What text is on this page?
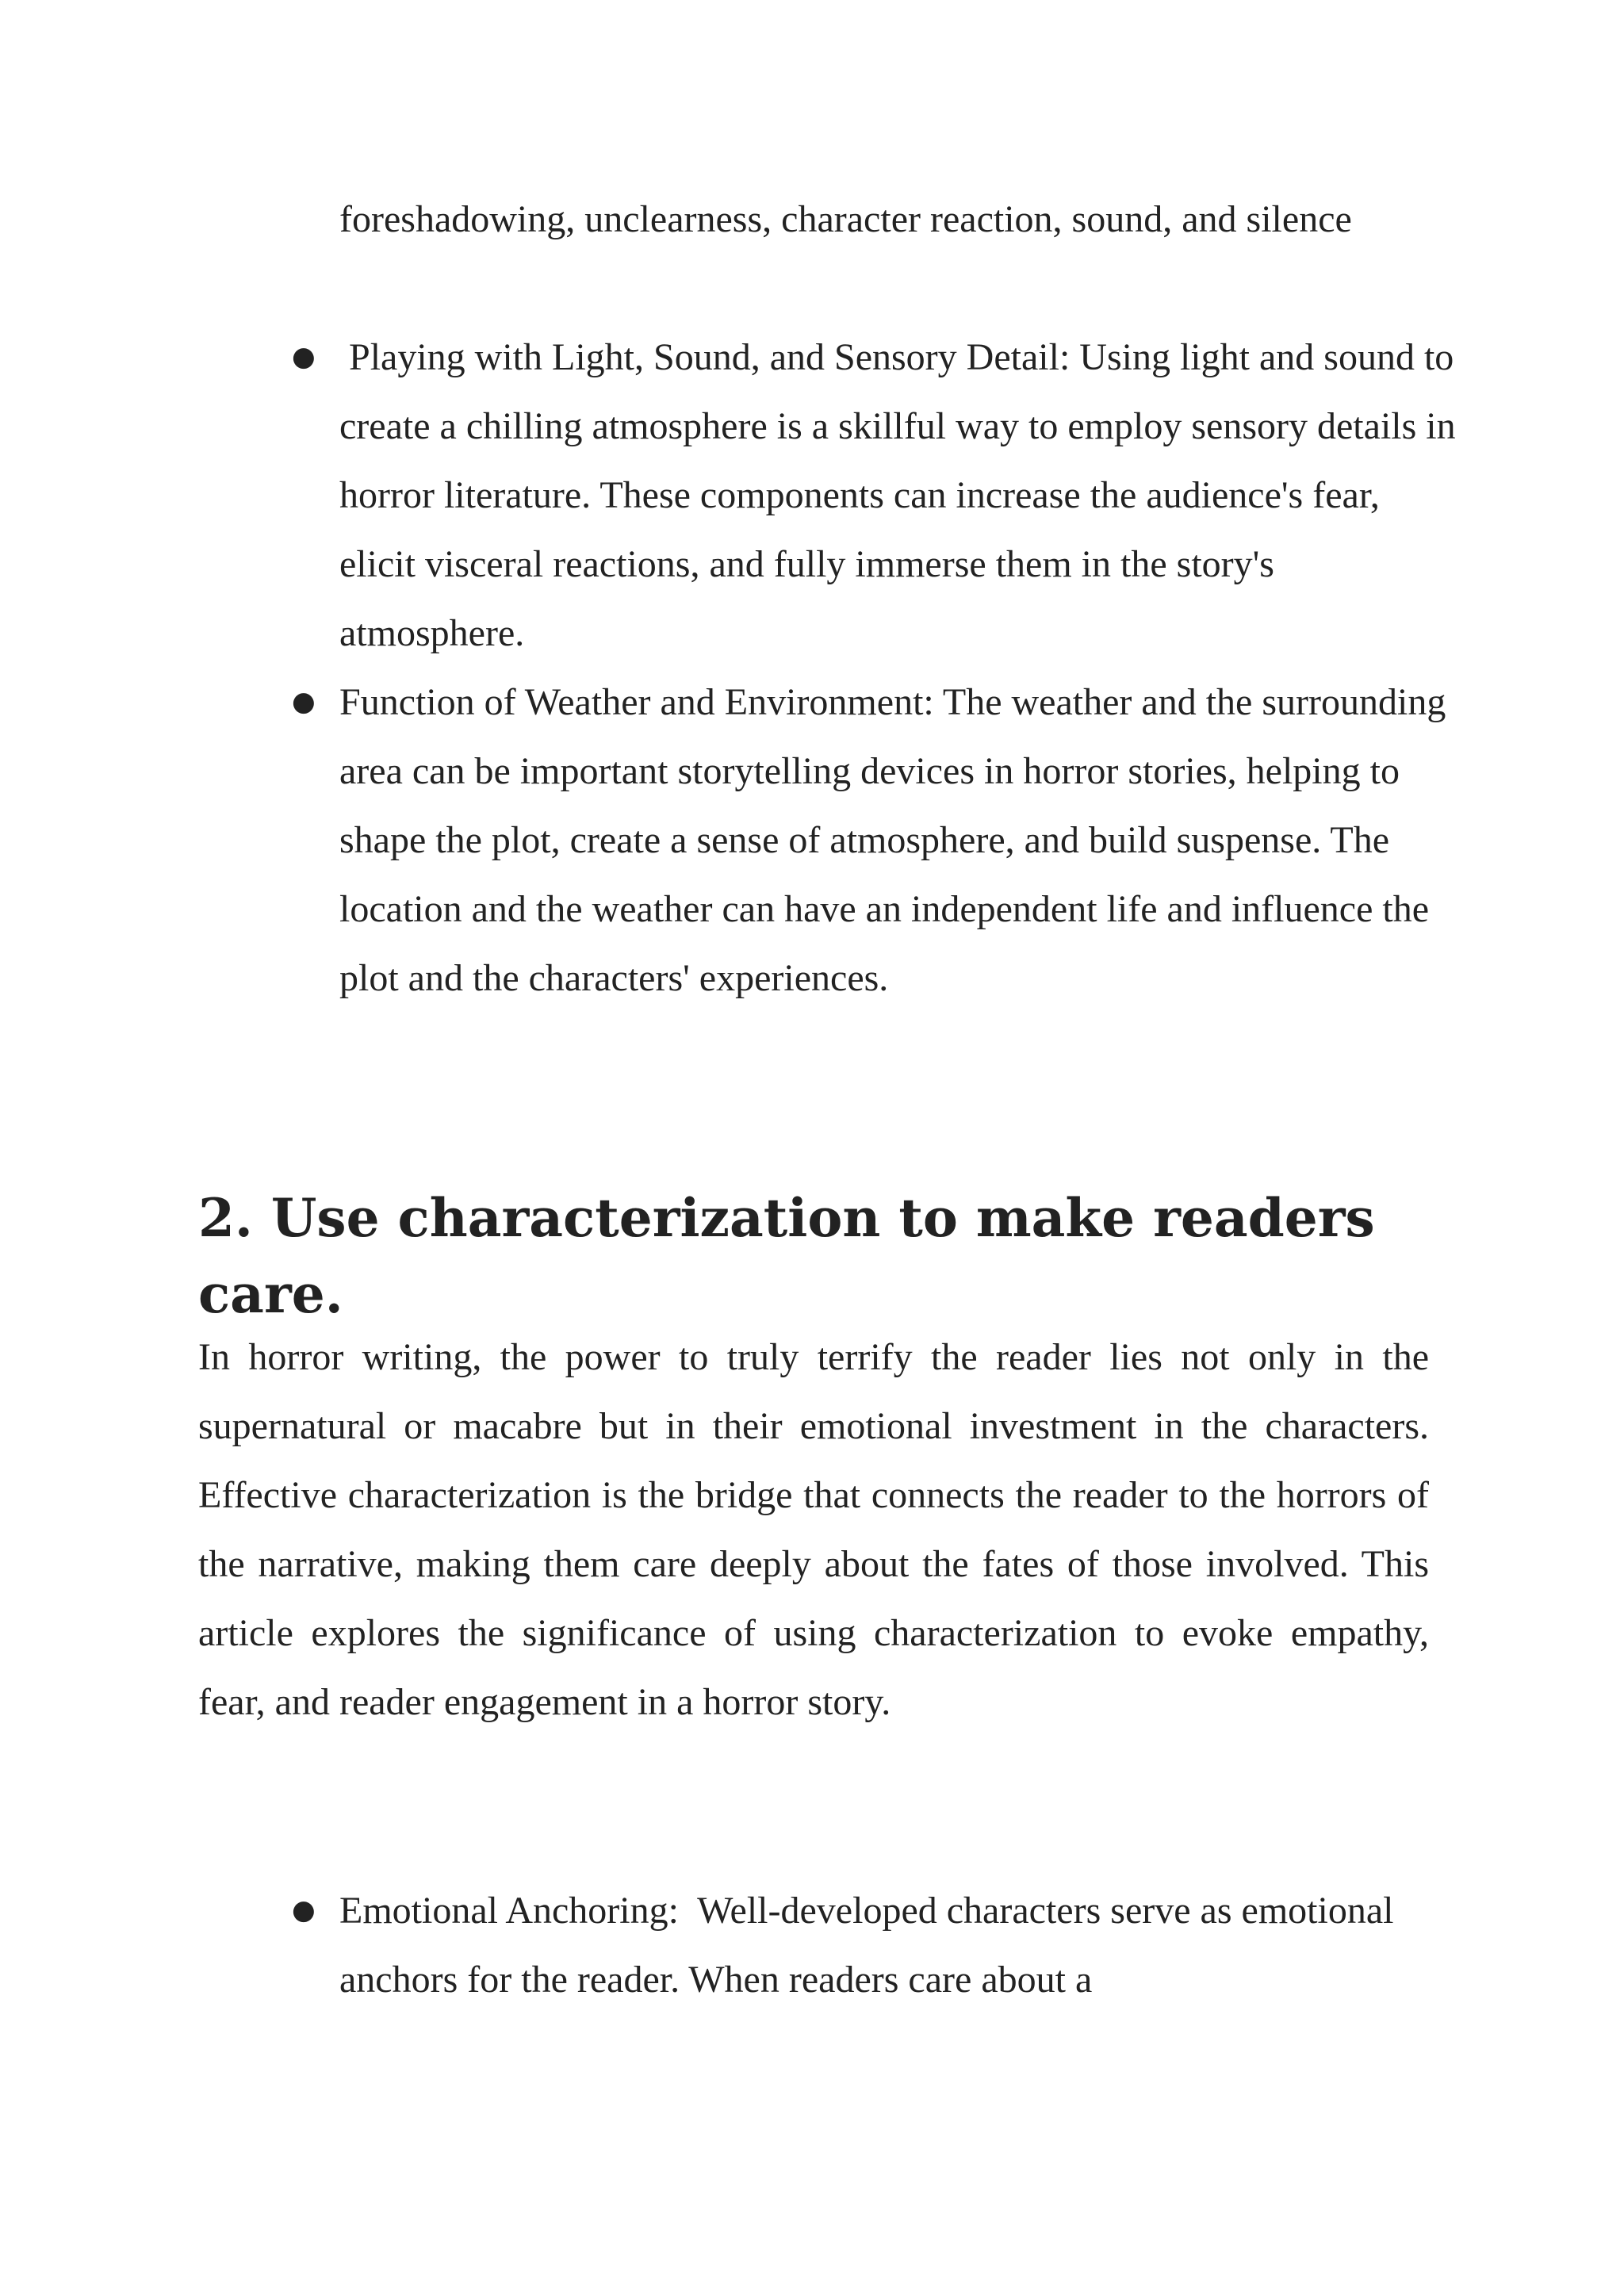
foreshadowing, unclearness, character reaction, sound, and silence
● Playing with Light, Sound, and Sensory Detail: Using light and sound to create a chilling atmosphere is a skillful way to employ sensory details in horror literature. These components can increase the audience's fear, elicit visceral reactions, and fully immerse them in the story's atmosphere.
● Function of Weather and Environment: The weather and the surrounding area can be important storytelling devices in horror stories, helping to shape the plot, create a sense of atmosphere, and build suspense. The location and the weather can have an independent life and influence the plot and the characters' experiences.
2. Use characterization to make readers care.

In horror writing, the power to truly terrify the reader lies not only in the supernatural or macabre but in their emotional investment in the characters. Effective characterization is the bridge that connects the reader to the horrors of the narrative, making them care deeply about the fates of those involved. This article explores the significance of using characterization to evoke empathy, fear, and reader engagement in a horror story.

● Emotional Anchoring:  Well-developed characters serve as emotional anchors for the reader. When readers care about a
